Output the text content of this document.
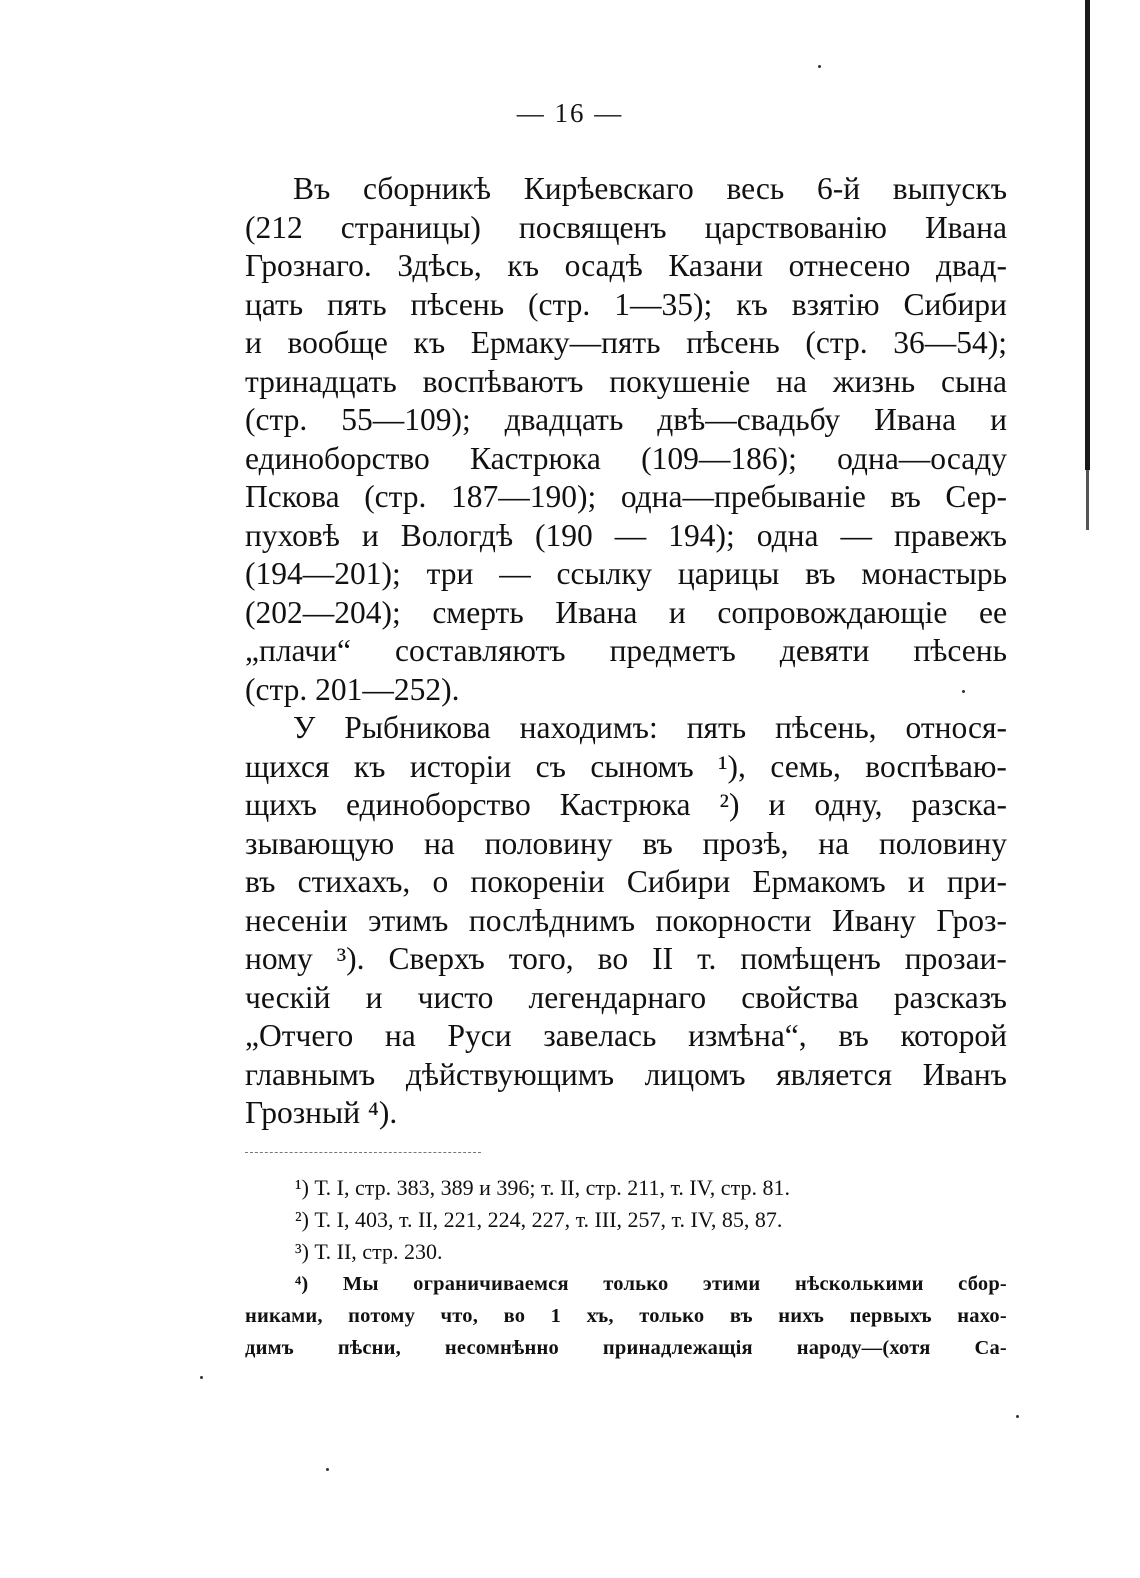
— 16 —
Въ сборникѣ Кирѣевскаго весь 6-й выпускъ
(212 страницы) посвященъ царствованiю Ивана
Грознаго. Здѣсь, къ осадѣ Казани отнесено двад-
цать пять пѣсень (стр. 1—35); къ взятiю Сибири
и вообще къ Ермаку—пять пѣсень (стр. 36—54);
тринадцать воспѣваютъ покушенiе на жизнь сына
(стр. 55—109); двадцать двѣ—свадьбу Ивана и
единоборство Кастрюка (109—186); одна—осаду
Пскова (стр. 187—190); одна—пребыванiе въ Сер-
пуховѣ и Вологдѣ (190 — 194); одна — правежъ
(194—201); три — ссылку царицы въ монастырь
(202—204); смерть Ивана и сопровождающiе ее
„плачи“ составляютъ предметъ девяти пѣсень
(стр. 201—252).
У Рыбникова находимъ: пять пѣсень, относя-
щихся къ исторiи съ сыномъ ¹), семь, воспѣваю-
щихъ единоборство Кастрюка ²) и одну, разска-
зывающую на половину въ прозѣ, на половину
въ стихахъ, о покоренiи Сибири Ермакомъ и при-
несенiи этимъ послѣднимъ покорности Ивану Гроз-
ному ³). Сверхъ того, во II т. помѣщенъ прозаи-
ческiй и чисто легендарнаго свойства разсказъ
„Отчего на Руси завелась измѣна“, въ которой
главнымъ дѣйствующимъ лицомъ является Иванъ
Грозный ⁴).
¹) Т. I, стр. 383, 389 и 396; т. II, стр. 211, т. IV, стр. 81.
²) Т. I, 403, т. II, 221, 224, 227, т. III, 257, т. IV, 85, 87.
³) Т. II, стр. 230.
⁴) Мы ограничиваемся только этими нѣсколькими сбор-
никами, потому что, во 1 хъ, только въ нихъ первыхъ нахо-
димъ пѣсни, несомнѣнно принадлежащiя народу—(хотя Са-
